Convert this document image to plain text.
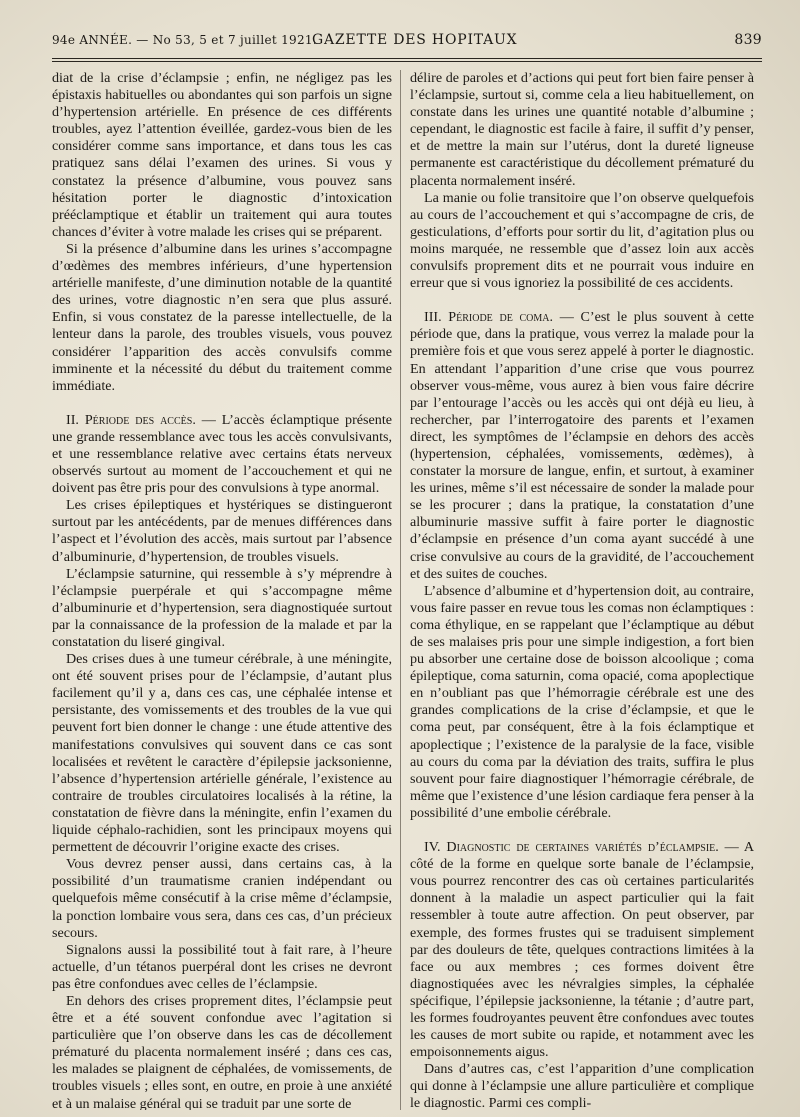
94e ANNÉE. — No 53, 5 et 7 juillet 1921.
GAZETTE DES HOPITAUX	839

diat de la crise d’éclampsie ; enfin, ne négligez pas les épistaxis habituelles ou abondantes qui son parfois un signe d’hypertension artérielle. En présence de ces différents troubles, ayez l’attention éveillée, gardez-vous bien de les considérer comme sans importance, et dans tous les cas pratiquez sans délai l’examen des urines. Si vous y constatez la présence d’albumine, vous pouvez sans hésitation porter le diagnostic d’intoxication prééclamptique et établir un traitement qui aura toutes chances d’éviter à votre malade les crises qui se préparent.

Si la présence d’albumine dans les urines s’accompagne d’œdèmes des membres inférieurs, d’une hypertension artérielle manifeste, d’une diminution notable de la quantité des urines, votre diagnostic n’en sera que plus assuré. Enfin, si vous constatez de la paresse intellectuelle, de la lenteur dans la parole, des troubles visuels, vous pouvez considérer l’apparition des accès convulsifs comme imminente et la nécessité du début du traitement comme immédiate.

II. Période des accès. — L’accès éclamptique présente une grande ressemblance avec tous les accès convulsivants, et une ressemblance relative avec certains états nerveux observés surtout au moment de l’accouchement et qui ne doivent pas être pris pour des convulsions à type anormal.

Les crises épileptiques et hystériques se distingueront surtout par les antécédents, par de menues différences dans l’aspect et l’évolution des accès, mais surtout par l’absence d’albuminurie, d’hypertension, de troubles visuels.

L’éclampsie saturnine, qui ressemble à s’y méprendre à l’éclampsie puerpérale et qui s’accompagne même d’albuminurie et d’hypertension, sera diagnostiquée surtout par la connaissance de la profession de la malade et par la constatation du liseré gingival.

Des crises dues à une tumeur cérébrale, à une méningite, ont été souvent prises pour de l’éclampsie, d’autant plus facilement qu’il y a, dans ces cas, une céphalée intense et persistante, des vomissements et des troubles de la vue qui peuvent fort bien donner le change : une étude attentive des manifestations convulsives qui souvent dans ce cas sont localisées et revêtent le caractère d’épilepsie jacksonienne, l’absence d’hypertension artérielle générale, l’existence au contraire de troubles circulatoires localisés à la rétine, la constatation de fièvre dans la méningite, enfin l’examen du liquide céphalo-rachidien, sont les principaux moyens qui permettent de découvrir l’origine exacte des crises.

Vous devrez penser aussi, dans certains cas, à la possibilité d’un traumatisme cranien indépendant ou quelquefois même consécutif à la crise même d’éclampsie, la ponction lombaire vous sera, dans ces cas, d’un précieux secours.

Signalons aussi la possibilité tout à fait rare, à l’heure actuelle, d’un tétanos puerpéral dont les crises ne devront pas être confondues avec celles de l’éclampsie.

En dehors des crises proprement dites, l’éclampsie peut être et a été souvent confondue avec l’agitation si particulière que l’on observe dans les cas de décollement prématuré du placenta normalement inséré ; dans ces cas, les malades se plaignent de céphalées, de vomissements, de troubles visuels ; elles sont, en outre, en proie à une anxiété et à un malaise général qui se traduit par une sorte de

délire de paroles et d’actions qui peut fort bien faire penser à l’éclampsie, surtout si, comme cela a lieu habituellement, on constate dans les urines une quantité notable d’albumine ; cependant, le diagnostic est facile à faire, il suffit d’y penser, et de mettre la main sur l’utérus, dont la dureté ligneuse permanente est caractéristique du décollement prématuré du placenta normalement inséré.

La manie ou folie transitoire que l’on observe quelquefois au cours de l’accouchement et qui s’accompagne de cris, de gesticulations, d’efforts pour sortir du lit, d’agitation plus ou moins marquée, ne ressemble que d’assez loin aux accès convulsifs proprement dits et ne pourrait vous induire en erreur que si vous ignoriez la possibilité de ces accidents.

III. Période de coma. — C’est le plus souvent à cette période que, dans la pratique, vous verrez la malade pour la première fois et que vous serez appelé à porter le diagnostic. En attendant l’apparition d’une crise que vous pourrez observer vous-même, vous aurez à bien vous faire décrire par l’entourage l’accès ou les accès qui ont déjà eu lieu, à rechercher, par l’interrogatoire des parents et l’examen direct, les symptômes de l’éclampsie en dehors des accès (hypertension, céphalées, vomissements, œdèmes), à constater la morsure de langue, enfin, et surtout, à examiner les urines, même s’il est nécessaire de sonder la malade pour se les procurer ; dans la pratique, la constatation d’une albuminurie massive suffit à faire porter le diagnostic d’éclampsie en présence d’un coma ayant succédé à une crise convulsive au cours de la gravidité, de l’accouchement et des suites de couches.

L’absence d’albumine et d’hypertension doit, au contraire, vous faire passer en revue tous les comas non éclamptiques : coma éthylique, en se rappelant que l’éclamptique au début de ses malaises pris pour une simple indigestion, a fort bien pu absorber une certaine dose de boisson alcoolique ; coma épileptique, coma saturnin, coma opacié, coma apoplectique en n’oubliant pas que l’hémorragie cérébrale est une des grandes complications de la crise d’éclampsie, et que le coma peut, par conséquent, être à la fois éclamptique et apoplectique ; l’existence de la paralysie de la face, visible au cours du coma par la déviation des traits, suffira le plus souvent pour faire diagnostiquer l’hémorragie cérébrale, de même que l’existence d’une lésion cardiaque fera penser à la possibilité d’une embolie cérébrale.

IV. Diagnostic de certaines variétés d’éclampsie. — A côté de la forme en quelque sorte banale de l’éclampsie, vous pourrez rencontrer des cas où certaines particularités donnent à la maladie un aspect particulier qui la fait ressembler à toute autre affection. On peut observer, par exemple, des formes frustes qui se traduisent simplement par des douleurs de tête, quelques contractions limitées à la face ou aux membres ; ces formes doivent être diagnostiquées avec les névralgies simples, la céphalée spécifique, l’épilepsie jacksonienne, la tétanie ; d’autre part, les formes foudroyantes peuvent être confondues avec toutes les causes de mort subite ou rapide, et notamment avec les empoisonnements aigus.

Dans d’autres cas, c’est l’apparition d’une complication qui donne à l’éclampsie une allure particulière et complique le diagnostic. Parmi ces compli-
